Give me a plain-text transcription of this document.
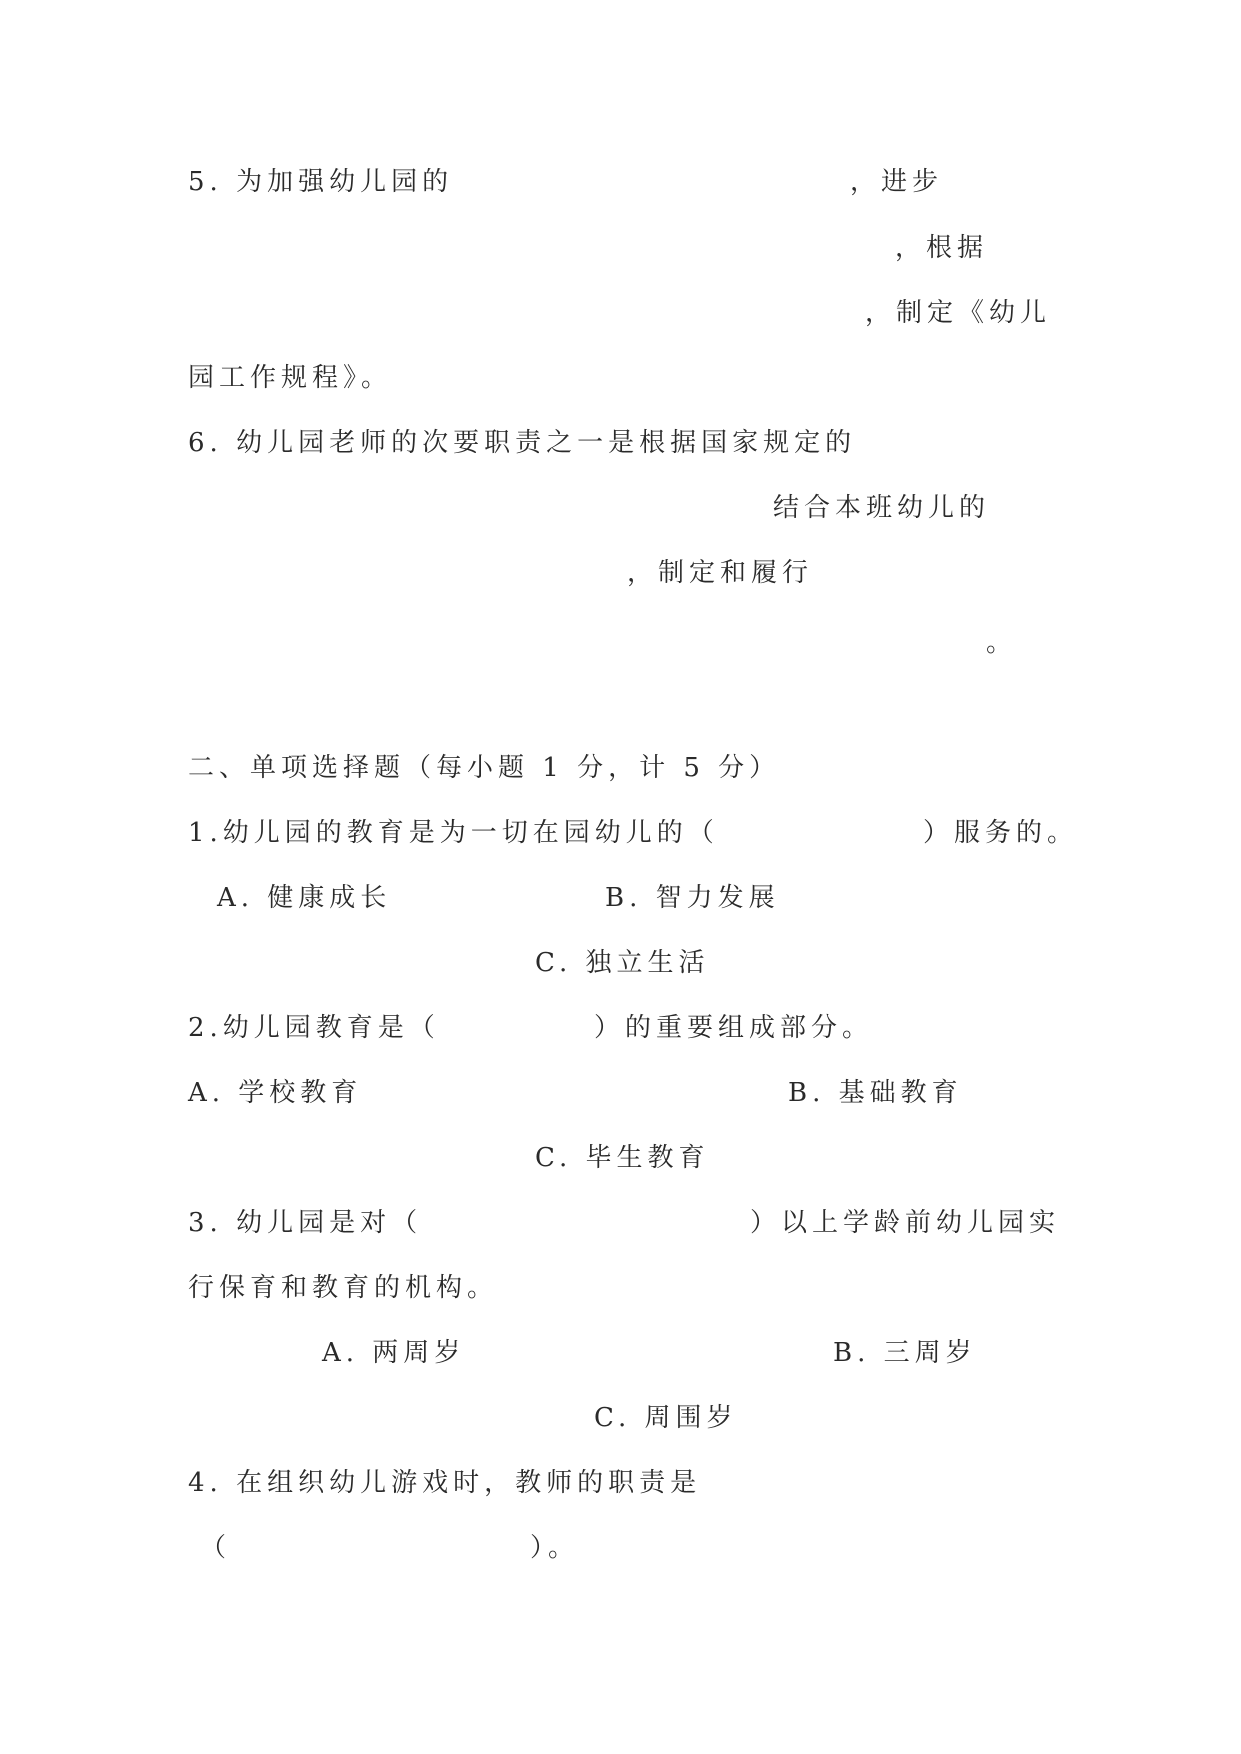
5. 为加强幼儿园的	，进步
，根据
，制定《幼儿
园工作规程》。
6. 幼儿园老师的次要职责之一是根据国家规定的
结合本班幼儿的
，制定和履行
。
二、单项选择题（每小题 1 分，计 5 分）
1.幼儿园的教育是为一切在园幼儿的（	）服务的。
A. 健康成长	B. 智力发展
C. 独立生活
2.幼儿园教育是（	）的重要组成部分。
A. 学校教育	B. 基础教育
C. 毕生教育
3. 幼儿园是对（	）以上学龄前幼儿园实
行保育和教育的机构。
A. 两周岁	B. 三周岁
C. 周围岁
4. 在组织幼儿游戏时，教师的职责是
（	）。
